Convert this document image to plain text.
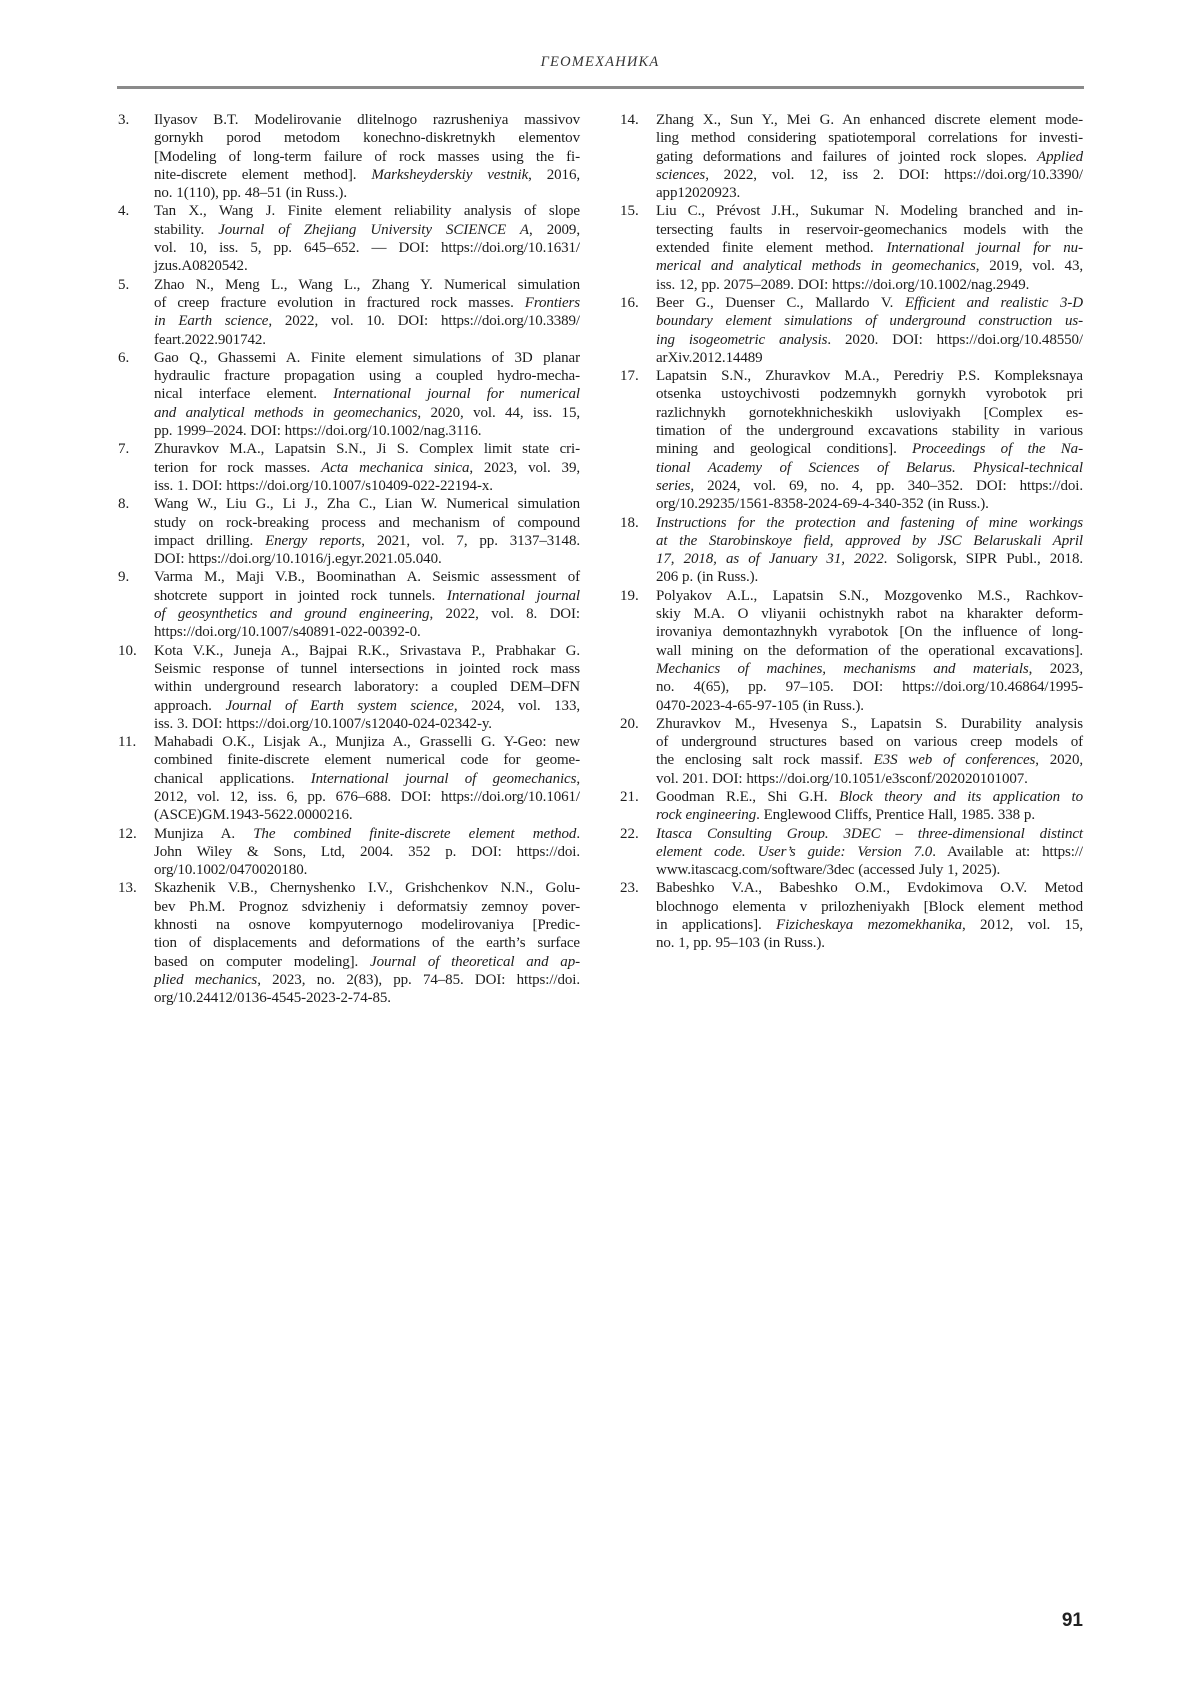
ГЕОМЕХАНИКА
3.	Ilyasov B.T. Modelirovanie dlitelnogo razrusheniya massivov
gornykh porod metodom konechno-diskretnykh elementov
[Modeling of long-term failure of rock masses using the fi-
nite-discrete element method]. Marksheyderskiy vestnik, 2016,
no. 1(110), pp. 48–51 (in Russ.).
4.	Tan X., Wang J. Finite element reliability analysis of slope
stability. Journal of Zhejiang University SCIENCE A, 2009,
vol. 10, iss. 5, pp. 645–652. — DOI: https://doi.org/10.1631/
jzus.A0820542.
5.	Zhao N., Meng L., Wang L., Zhang Y. Numerical simulation
of creep fracture evolution in fractured rock masses. Frontiers
in Earth science, 2022, vol. 10. DOI: https://doi.org/10.3389/
feart.2022.901742.
6.	Gao Q., Ghassemi A. Finite element simulations of 3D planar
hydraulic fracture propagation using a coupled hydro-mecha-
nical interface element. International journal for numerical
and analytical methods in geomechanics, 2020, vol. 44, iss. 15,
pp. 1999–2024. DOI: https://doi.org/10.1002/nag.3116.
7.	Zhuravkov M.A., Lapatsin S.N., Ji S. Complex limit state cri-
terion for rock masses. Acta mechanica sinica, 2023, vol. 39,
iss. 1. DOI: https://doi.org/10.1007/s10409-022-22194-x.
8.	Wang W., Liu G., Li J., Zha C., Lian W. Numerical simulation
study on rock-breaking process and mechanism of compound
impact drilling. Energy reports, 2021, vol. 7, pp. 3137–3148.
DOI: https://doi.org/10.1016/j.egyr.2021.05.040.
9.	Varma M., Maji V.B., Boominathan A. Seismic assessment of
shotcrete support in jointed rock tunnels. International journal
of geosynthetics and ground engineering, 2022, vol. 8. DOI:
https://doi.org/10.1007/s40891-022-00392-0.
10.	Kota V.K., Juneja A., Bajpai R.K., Srivastava P., Prabhakar G.
Seismic response of tunnel intersections in jointed rock mass
within underground research laboratory: a coupled DEM–DFN
approach. Journal of Earth system science, 2024, vol. 133,
iss. 3. DOI: https://doi.org/10.1007/s12040-024-02342-y.
11.	Mahabadi O.K., Lisjak A., Munjiza A., Grasselli G. Y-Geo: new
combined finite-discrete element numerical code for geome-
chanical applications. International journal of geomechanics,
2012, vol. 12, iss. 6, pp. 676–688. DOI: https://doi.org/10.1061/
(ASCE)GM.1943-5622.0000216.
12.	Munjiza A. The combined finite-discrete element method.
John Wiley & Sons, Ltd, 2004. 352 p. DOI: https://doi.
org/10.1002/0470020180.
13.	Skazhenik V.B., Chernyshenko I.V., Grishchenkov N.N., Golu-
bev Ph.M. Prognoz sdvizheniy i deformatsiy zemnoy pover-
khnosti na osnove kompyuternogo modelirovaniya [Predic-
tion of displacements and deformations of the earth’s surface
based on computer modeling]. Journal of theoretical and ap-
plied mechanics, 2023, no. 2(83), pp. 74–85. DOI: https://doi.
org/10.24412/0136-4545-2023-2-74-85.
14.	Zhang X., Sun Y., Mei G. An enhanced discrete element mode-
ling method considering spatiotemporal correlations for investi-
gating deformations and failures of jointed rock slopes. Applied
sciences, 2022, vol. 12, iss 2. DOI: https://doi.org/10.3390/
app12020923.
15.	Liu C., Prévost J.H., Sukumar N. Modeling branched and in-
tersecting faults in reservoir-geomechanics models with the
extended finite element method. International journal for nu-
merical and analytical methods in geomechanics, 2019, vol. 43,
iss. 12, pp. 2075–2089. DOI: https://doi.org/10.1002/nag.2949.
16.	Beer G., Duenser C., Mallardo V. Efficient and realistic 3-D
boundary element simulations of underground construction us-
ing isogeometric analysis. 2020. DOI: https://doi.org/10.48550/
arXiv.2012.14489
17.	Lapatsin S.N., Zhuravkov M.A., Peredriy P.S. Kompleksnaya
otsenka ustoychivosti podzemnykh gornykh vyrobotok pri
razlichnykh gornotekhnicheskikh usloviyakh [Complex es-
timation of the underground excavations stability in various
mining and geological conditions]. Proceedings of the Na-
tional Academy of Sciences of Belarus. Physical-technical
series, 2024, vol. 69, no. 4, pp. 340–352. DOI: https://doi.
org/10.29235/1561-8358-2024-69-4-340-352 (in Russ.).
18.	Instructions for the protection and fastening of mine workings
at the Starobinskoye field, approved by JSC Belaruskali April
17, 2018, as of January 31, 2022. Soligorsk, SIPR Publ., 2018.
206 p. (in Russ.).
19.	Polyakov A.L., Lapatsin S.N., Mozgovenko M.S., Rachkov-
skiy M.A. O vliyanii ochistnykh rabot na kharakter deform-
irovaniya demontazhnykh vyrabotok [On the influence of long-
wall mining on the deformation of the operational excavations].
Mechanics of machines, mechanisms and materials, 2023,
no. 4(65), pp. 97–105. DOI: https://doi.org/10.46864/1995-
0470-2023-4-65-97-105 (in Russ.).
20.	Zhuravkov M., Hvesenya S., Lapatsin S. Durability analysis
of underground structures based on various creep models of
the enclosing salt rock massif. E3S web of conferences, 2020,
vol. 201. DOI: https://doi.org/10.1051/e3sconf/202020101007.
21.	Goodman R.E., Shi G.H. Block theory and its application to
rock engineering. Englewood Cliffs, Prentice Hall, 1985. 338 p.
22.	Itasca Consulting Group. 3DEC – three-dimensional distinct
element code. User’s guide: Version 7.0. Available at: https://
www.itascacg.com/software/3dec (accessed July 1, 2025).
23.	Babeshko V.A., Babeshko O.M., Evdokimova O.V. Metod
blochnogo elementa v prilozheniyakh [Block element method
in applications]. Fizicheskaya mezomekhanika, 2012, vol. 15,
no. 1, pp. 95–103 (in Russ.).
91
